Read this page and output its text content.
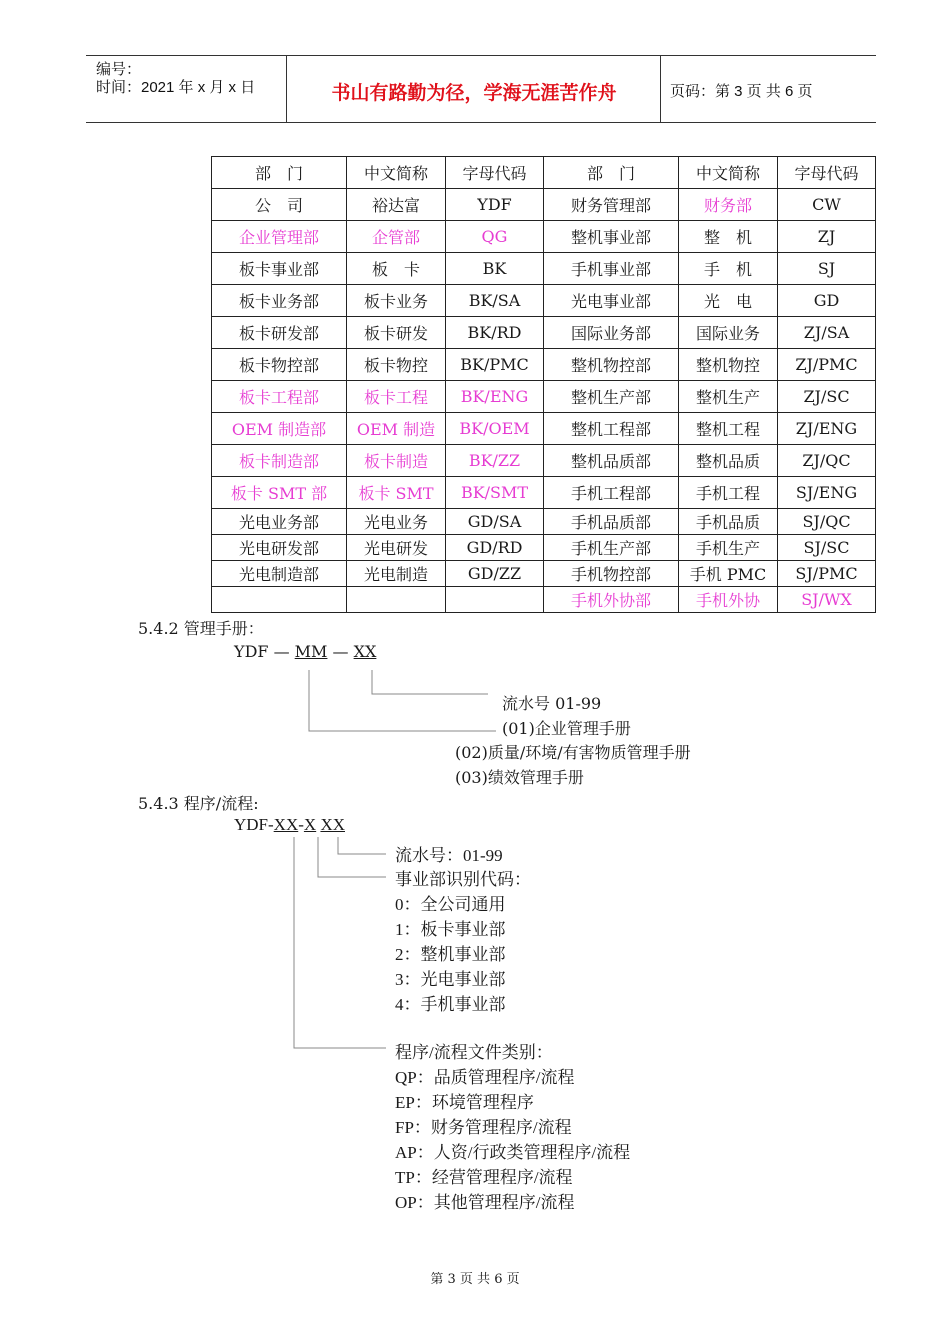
编号：
时间：2021 年 x 月 x 日	书山有路勤为径，学海无涯苦作舟	页码：第 3 页 共 6 页
部　门	中文简称	字母代码	部　门	中文简称	字母代码
公　司	裕达富	YDF	财务管理部	财务部	CW
企业管理部	企管部	QG	整机事业部	整　机	ZJ
板卡事业部	板　卡	BK	手机事业部	手　机	SJ
板卡业务部	板卡业务	BK/SA	光电事业部	光　电	GD
板卡研发部	板卡研发	BK/RD	国际业务部	国际业务	ZJ/SA
板卡物控部	板卡物控	BK/PMC	整机物控部	整机物控	ZJ/PMC
板卡工程部	板卡工程	BK/ENG	整机生产部	整机生产	ZJ/SC
OEM 制造部	OEM 制造	BK/OEM	整机工程部	整机工程	ZJ/ENG
板卡制造部	板卡制造	BK/ZZ	整机品质部	整机品质	ZJ/QC
板卡 SMT 部	板卡 SMT	BK/SMT	手机工程部	手机工程	SJ/ENG
光电业务部	光电业务	GD/SA	手机品质部	手机品质	SJ/QC
光电研发部	光电研发	GD/RD	手机生产部	手机生产	SJ/SC
光电制造部	光电制造	GD/ZZ	手机物控部	手机 PMC	SJ/PMC
			手机外协部	手机外协	SJ/WX
5.4.2 管理手册：
YDF — MM — XX
流水号 01-99
(01)企业管理手册
(02)质量/环境/有害物质管理手册
(03)绩效管理手册
5.4.3 程序/流程:
YDF-XX-X XX
流水号：01-99
事业部识别代码：
0：全公司通用
1：板卡事业部
2：整机事业部
3：光电事业部
4：手机事业部
程序/流程文件类别：
QP：品质管理程序/流程
EP：环境管理程序
FP：财务管理程序/流程
AP：人资/行政类管理程序/流程
TP：经营管理程序/流程
OP：其他管理程序/流程
第 3 页 共 6 页
